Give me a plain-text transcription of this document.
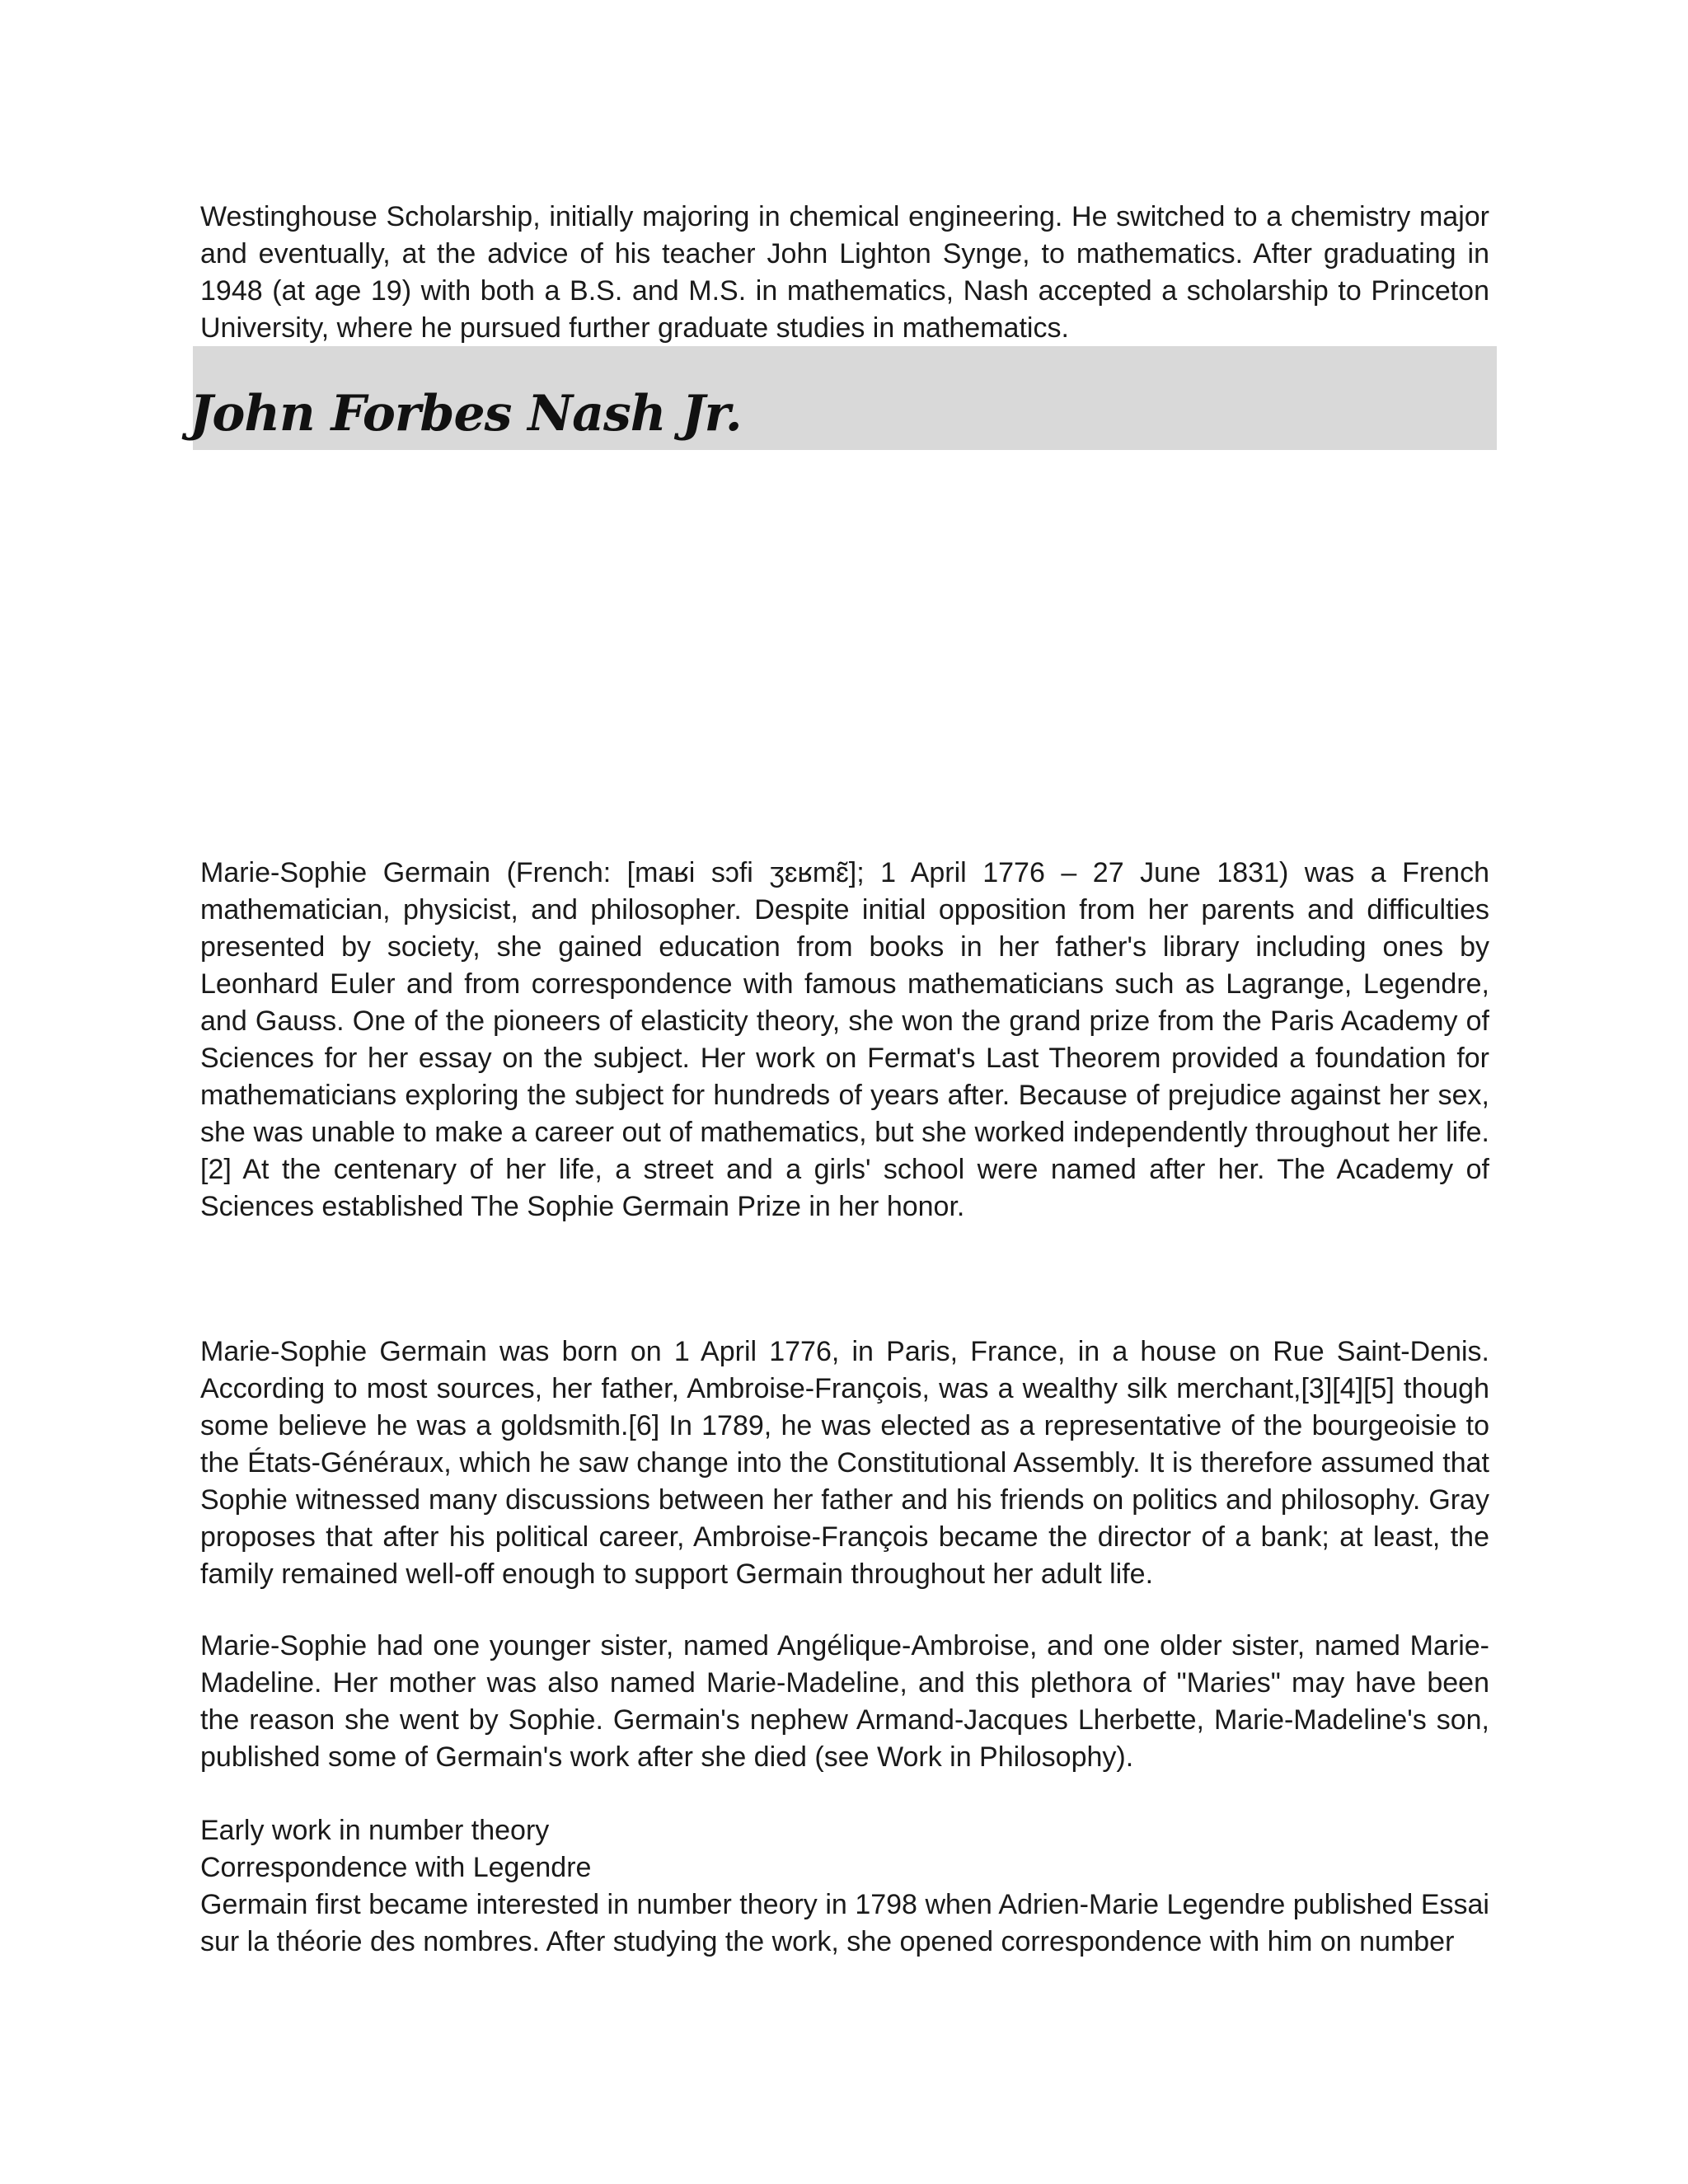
Westinghouse Scholarship, initially majoring in chemical engineering. He switched to a chemistry major and eventually, at the advice of his teacher John Lighton Synge, to mathematics. After graduating in 1948 (at age 19) with both a B.S. and M.S. in mathematics, Nash accepted a scholarship to Princeton University, where he pursued further graduate studies in mathematics.

John Forbes Nash Jr.

Marie-Sophie Germain (French: [maʁi sɔfi ʒɛʁmɛ̃]; 1 April 1776 – 27 June 1831) was a French mathematician, physicist, and philosopher. Despite initial opposition from her parents and difficulties presented by society, she gained education from books in her father's library including ones by Leonhard Euler and from correspondence with famous mathematicians such as Lagrange, Legendre, and Gauss. One of the pioneers of elasticity theory, she won the grand prize from the Paris Academy of Sciences for her essay on the subject. Her work on Fermat's Last Theorem provided a foundation for mathematicians exploring the subject for hundreds of years after. Because of prejudice against her sex, she was unable to make a career out of mathematics, but she worked independently throughout her life.[2] At the centenary of her life, a street and a girls' school were named after her. The Academy of Sciences established The Sophie Germain Prize in her honor.

Marie-Sophie Germain was born on 1 April 1776, in Paris, France, in a house on Rue Saint-Denis. According to most sources, her father, Ambroise-François, was a wealthy silk merchant,[3][4][5] though some believe he was a goldsmith.[6] In 1789, he was elected as a representative of the bourgeoisie to the États-Généraux, which he saw change into the Constitutional Assembly. It is therefore assumed that Sophie witnessed many discussions between her father and his friends on politics and philosophy. Gray proposes that after his political career, Ambroise-François became the director of a bank; at least, the family remained well-off enough to support Germain throughout her adult life.

Marie-Sophie had one younger sister, named Angélique-Ambroise, and one older sister, named Marie-Madeline. Her mother was also named Marie-Madeline, and this plethora of "Maries" may have been the reason she went by Sophie. Germain's nephew Armand-Jacques Lherbette, Marie-Madeline's son, published some of Germain's work after she died (see Work in Philosophy).

Early work in number theory

Correspondence with Legendre

Germain first became interested in number theory in 1798 when Adrien-Marie Legendre published Essai sur la théorie des nombres. After studying the work, she opened correspondence with him on number
